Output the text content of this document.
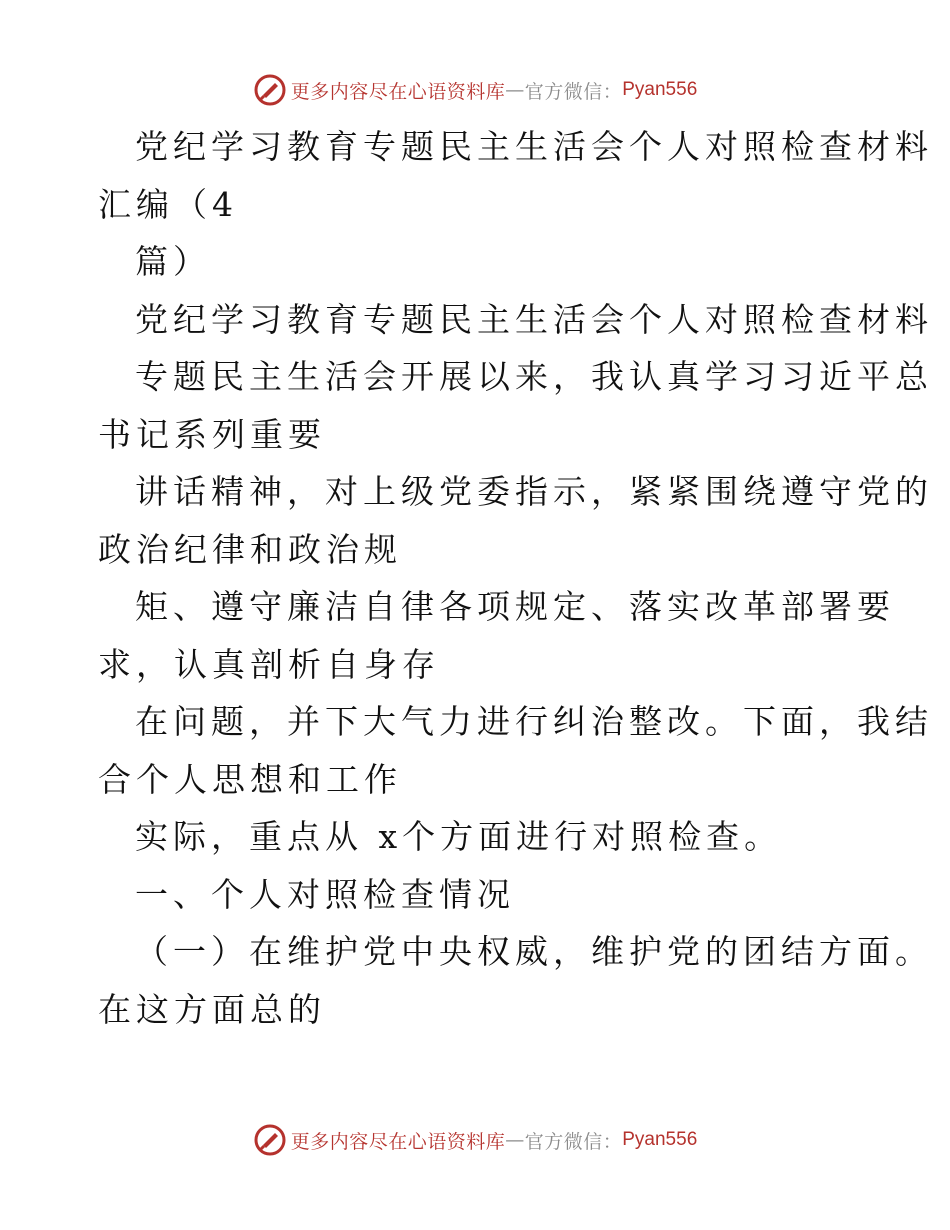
更多内容尽在心语资料库 — 官方微信： Pyan556
党纪学习教育专题民主生活会个人对照检查材料
汇编（4
篇）
党纪学习教育专题民主生活会个人对照检查材料
专题民主生活会开展以来，我认真学习习近平总
书记系列重要
讲话精神，对上级党委指示，紧紧围绕遵守党的
政治纪律和政治规
矩、遵守廉洁自律各项规定、落实改革部署要
求，认真剖析自身存
在问题，并下大气力进行纠治整改。下面，我结
合个人思想和工作
实际，重点从 x个方面进行对照检查。
一、个人对照检查情况
（一）在维护党中央权威，维护党的团结方面。
在这方面总的
更多内容尽在心语资料库 — 官方微信： Pyan556
